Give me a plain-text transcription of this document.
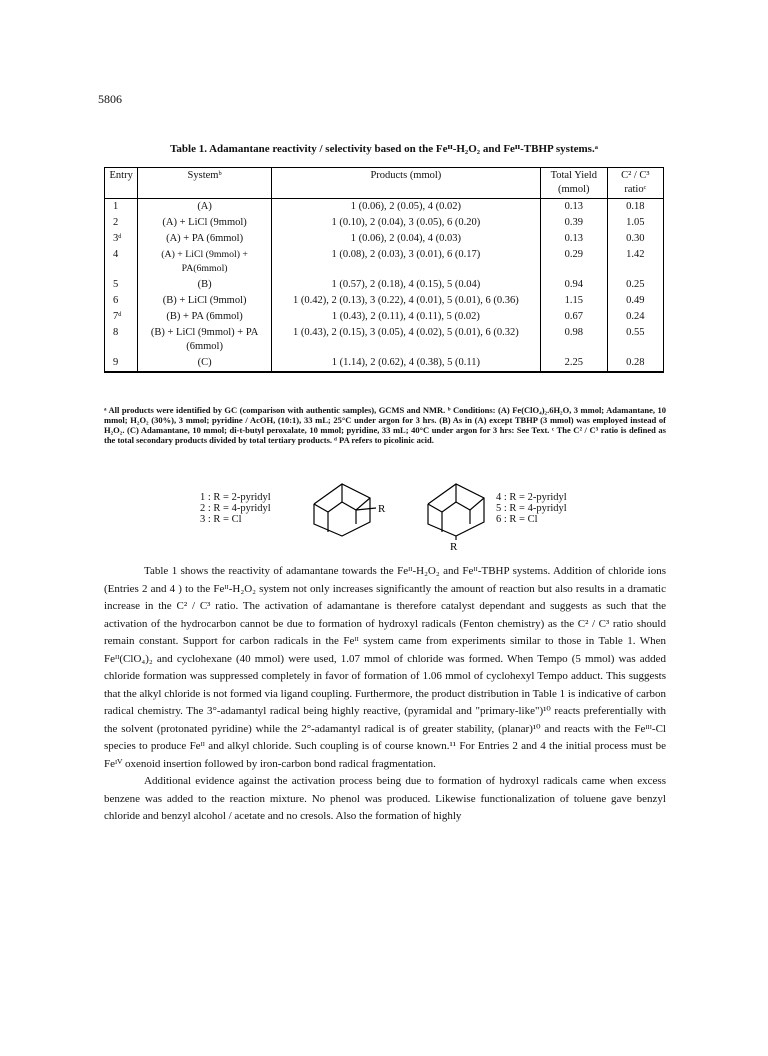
5806
Table 1. Adamantane reactivity / selectivity based on the Feᴵᴵ-H₂O₂ and Feᴵᴵ-TBHP systems.ᵃ
Entry	Systemᵇ	Products (mmol)	Total Yield (mmol)	C² / C³ ratioᶜ
1	(A)	1 (0.06), 2 (0.05), 4 (0.02)	0.13	0.18
2	(A) + LiCl (9mmol)	1 (0.10), 2 (0.04), 3 (0.05), 6 (0.20)	0.39	1.05
3ᵈ	(A) + PA (6mmol)	1 (0.06), 2 (0.04), 4 (0.03)	0.13	0.30
4	(A) + LiCl (9mmol) + PA(6mmol)	1 (0.08), 2 (0.03), 3 (0.01), 6 (0.17)	0.29	1.42
5	(B)	1 (0.57), 2 (0.18), 4 (0.15), 5 (0.04)	0.94	0.25
6	(B) + LiCl (9mmol)	1 (0.42), 2 (0.13), 3 (0.22), 4 (0.01), 5 (0.01), 6 (0.36)	1.15	0.49
7ᵈ	(B) + PA (6mmol)	1 (0.43), 2 (0.11), 4 (0.11), 5 (0.02)	0.67	0.24
8	(B) + LiCl (9mmol) + PA (6mmol)	1 (0.43), 2 (0.15), 3 (0.05), 4 (0.02), 5 (0.01), 6 (0.32)	0.98	0.55
9	(C)	1 (1.14), 2 (0.62), 4 (0.38), 5 (0.11)	2.25	0.28
ᵃ All products were identified by GC (comparison with authentic samples), GCMS and NMR. ᵇ Conditions: (A) Fe(ClO₄)₂.6H₂O, 3 mmol; Adamantane, 10 mmol; H₂O₂ (30%), 3 mmol; pyridine / AcOH, (10:1), 33 mL; 25°C under argon for 3 hrs. (B) As in (A) except TBHP (3 mmol) was employed instead of H₂O₂. (C) Adamantane, 10 mmol; di-t-butyl peroxalate, 10 mmol; pyridine, 33 mL; 40°C under argon for 3 hrs: See Text. ᶜ The C² / C³ ratio is defined as the total secondary products divided by total tertiary products. ᵈ PA refers to picolinic acid.
1 : R = 2-pyridyl
2 : R = 4-pyridyl
3 : R = Cl
R
R
4 : R = 2-pyridyl
5 : R = 4-pyridyl
6 : R = Cl

Table 1 shows the reactivity of adamantane towards the Feᴵᴵ-H₂O₂ and Feᴵᴵ-TBHP systems. Addition of chloride ions (Entries 2 and 4 ) to the Feᴵᴵ-H₂O₂ system not only increases significantly the amount of reaction but also results in a dramatic increase in the C² / C³ ratio. The activation of adamantane is therefore catalyst dependant and suggests as such that the activation of the hydrocarbon cannot be due to formation of hydroxyl radicals (Fenton chemistry) as the C² / C³ ratio should remain constant. Support for carbon radicals in the Feᴵᴵ system came from experiments similar to those in Table 1. When Feᴵᴵ(ClO₄)₂ and cyclohexane (40 mmol) were used, 1.07 mmol of chloride was formed. When Tempo (5 mmol) was added chloride formation was suppressed completely in favor of formation of 1.06 mmol of cyclohexyl Tempo adduct. This suggests that the alkyl chloride is not formed via ligand coupling. Furthermore, the product distribution in Table 1 is indicative of carbon radical chemistry. The 3°-adamantyl radical being highly reactive, (pyramidal and "primary-like")¹⁰ reacts preferentially with the solvent (protonated pyridine) while the 2°-adamantyl radical is of greater stability, (planar)¹⁰ and reacts with the Feᴵᴵᴵ-Cl species to produce Feᴵᴵ and alkyl chloride. Such coupling is of course known.¹¹ For Entries 2 and 4 the initial process must be Feᴵⱽ oxenoid insertion followed by iron-carbon bond radical fragmentation.

Additional evidence against the activation process being due to formation of hydroxyl radicals came when excess benzene was added to the reaction mixture. No phenol was produced. Likewise functionalization of toluene gave benzyl chloride and benzyl alcohol / acetate and no cresols. Also the formation of highly
